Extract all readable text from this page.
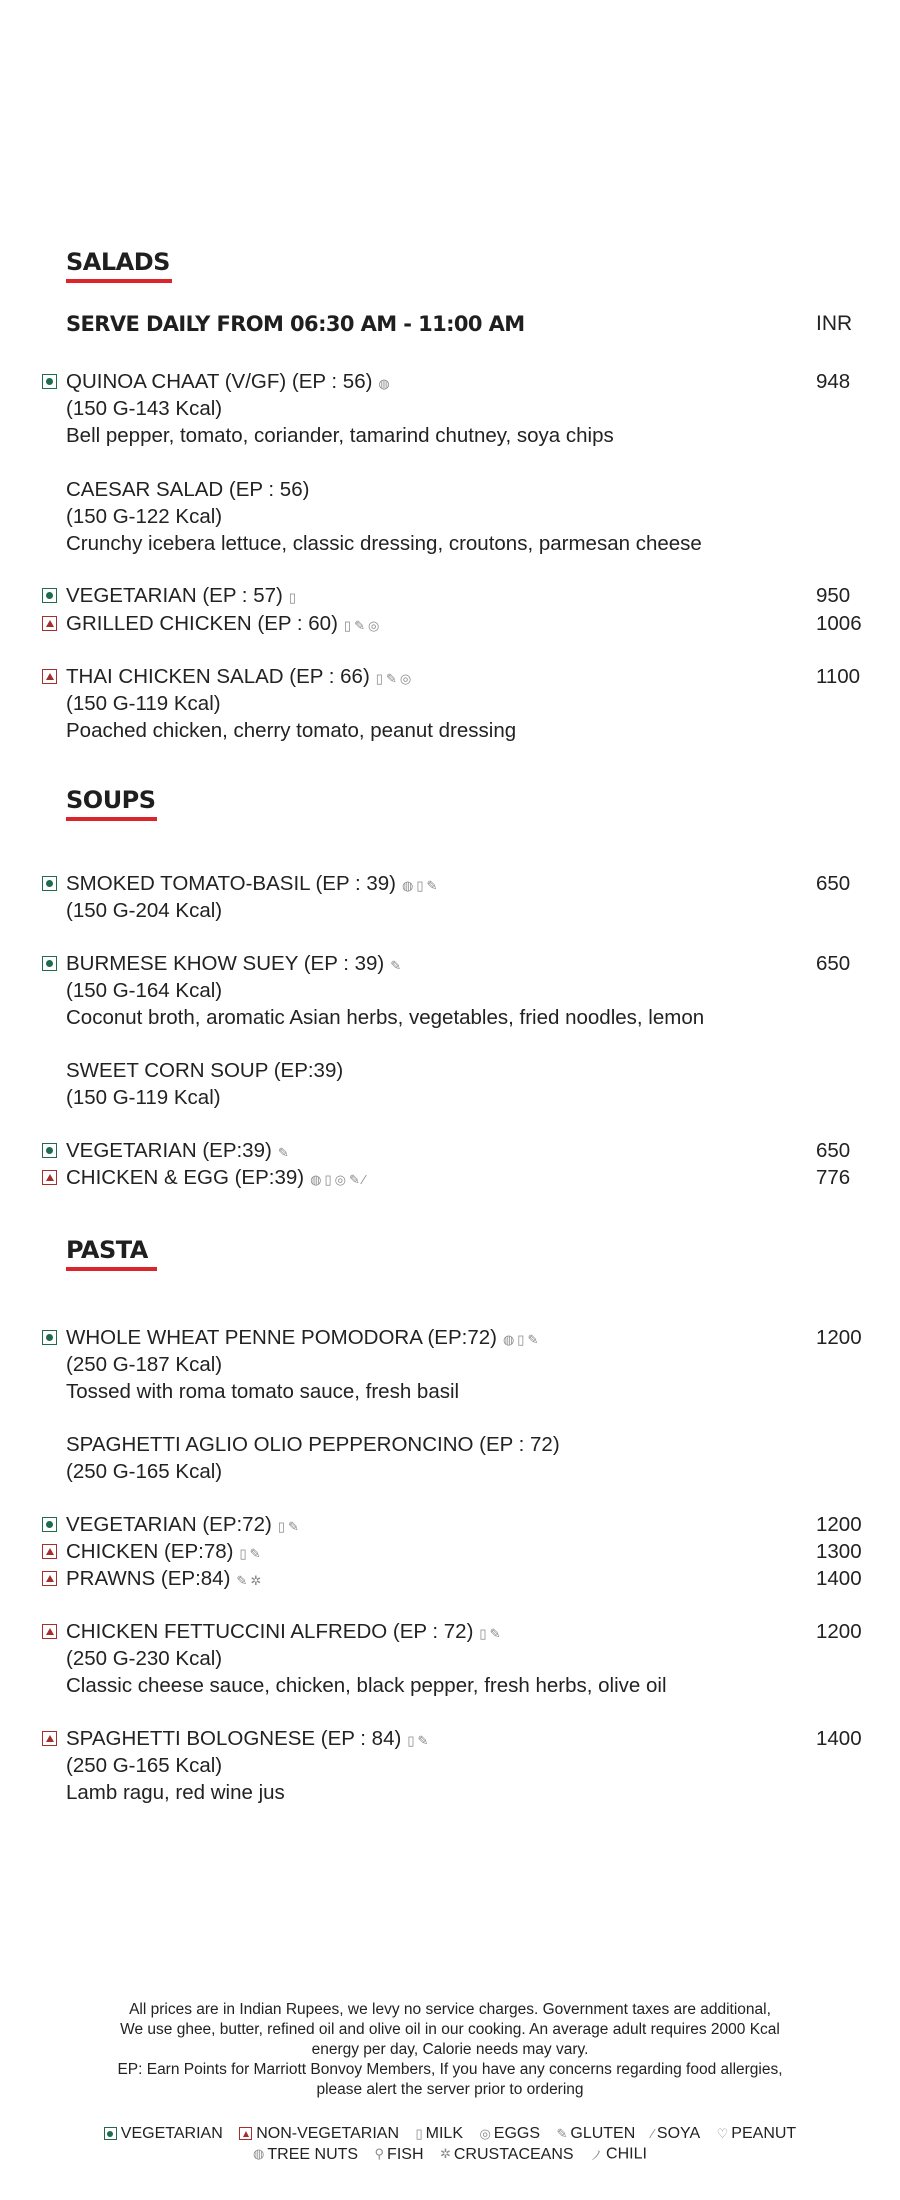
SALADS
SERVE DAILY FROM 06:30 AM - 11:00 AM	INR
QUINOA CHAAT (V/GF) (EP : 56) ◍	948
(150 G-143 Kcal)
Bell pepper, tomato, coriander, tamarind chutney, soya chips
CAESAR SALAD (EP : 56)
(150 G-122 Kcal)
Crunchy icebera lettuce, classic dressing, croutons, parmesan cheese
VEGETARIAN (EP : 57) ▯	950
GRILLED CHICKEN (EP : 60) ▯ ✎ ◎	1006
THAI CHICKEN SALAD (EP : 66) ▯ ✎ ◎	1100
(150 G-119 Kcal)
Poached chicken, cherry tomato, peanut dressing
SOUPS
SMOKED TOMATO-BASIL (EP : 39) ◍ ▯ ✎	650
(150 G-204 Kcal)
BURMESE KHOW SUEY (EP : 39) ✎	650
(150 G-164 Kcal)
Coconut broth, aromatic Asian herbs, vegetables, fried noodles, lemon
SWEET CORN SOUP (EP:39)
(150 G-119 Kcal)
VEGETARIAN (EP:39) ✎	650
CHICKEN & EGG (EP:39) ◍ ▯ ◎ ✎ ⁄	776
PASTA
WHOLE WHEAT PENNE POMODORA (EP:72) ◍ ▯ ✎	1200
(250 G-187 Kcal)
Tossed with roma tomato sauce, fresh basil
SPAGHETTI AGLIO OLIO PEPPERONCINO (EP : 72)
(250 G-165 Kcal)
VEGETARIAN (EP:72) ▯ ✎	1200
CHICKEN (EP:78) ▯ ✎	1300
PRAWNS (EP:84) ✎ ✲	1400
CHICKEN FETTUCCINI ALFREDO (EP : 72) ▯ ✎	1200
(250 G-230 Kcal)
Classic cheese sauce, chicken, black pepper, fresh herbs, olive oil
SPAGHETTI BOLOGNESE (EP : 84) ▯ ✎	1400
(250 G-165 Kcal)
Lamb ragu, red wine jus
All prices are in Indian Rupees, we levy no service charges. Government taxes are additional,
We use ghee, butter, refined oil and olive oil in our cooking. An average adult requires 2000 Kcal
energy per day, Calorie needs may vary.
EP: Earn Points for Marriott Bonvoy Members, If you have any concerns regarding food allergies,
please alert the server prior to ordering
VEGETARIAN NON-VEGETARIAN ▯ MILK ◎ EGGS ✎ GLUTEN ⁄ SOYA ♡ PEANUT
◍ TREE NUTS ⚲ FISH ✲ CRUSTACEANS ノ CHILI
